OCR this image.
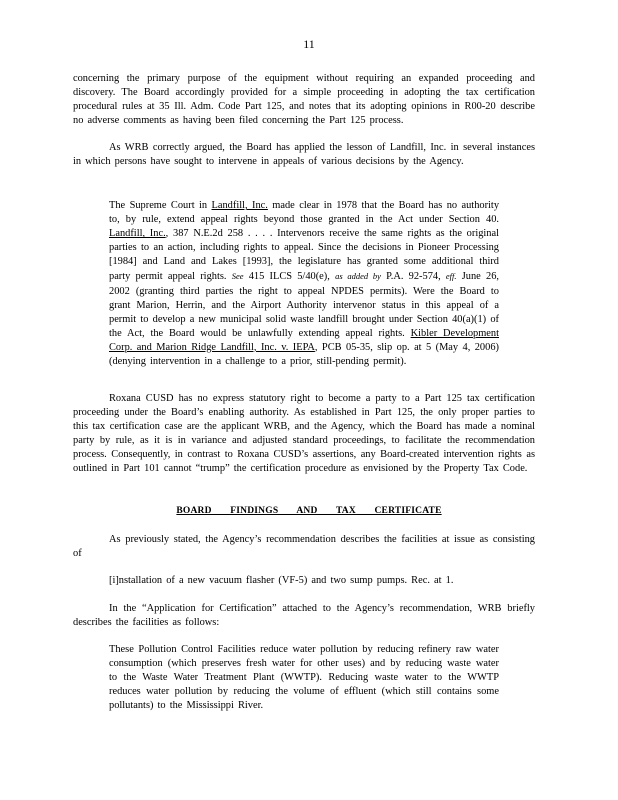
11

concerning the primary purpose of the equipment without requiring an expanded proceeding and discovery. The Board accordingly provided for a simple proceeding in adopting the tax certification procedural rules at 35 Ill. Adm. Code Part 125, and notes that its adopting opinions in R00-20 describe no adverse comments as having been filed concerning the Part 125 process.

As WRB correctly argued, the Board has applied the lesson of Landfill, Inc. in several instances in which persons have sought to intervene in appeals of various decisions by the Agency.

The Supreme Court in Landfill, Inc. made clear in 1978 that the Board has no authority to, by rule, extend appeal rights beyond those granted in the Act under Section 40. Landfill, Inc., 387 N.E.2d 258 . . . . Intervenors receive the same rights as the original parties to an action, including rights to appeal. Since the decisions in Pioneer Processing [1984] and Land and Lakes [1993], the legislature has granted some additional third party permit appeal rights. See 415 ILCS 5/40(e), as added by P.A. 92-574, eff. June 26, 2002 (granting third parties the right to appeal NPDES permits). Were the Board to grant Marion, Herrin, and the Airport Authority intervenor status in this appeal of a permit to develop a new municipal solid waste landfill brought under Section 40(a)(1) of the Act, the Board would be unlawfully extending appeal rights. Kibler Development Corp. and Marion Ridge Landfill, Inc. v. IEPA, PCB 05-35, slip op. at 5 (May 4, 2006) (denying intervention in a challenge to a prior, still-pending permit).

Roxana CUSD has no express statutory right to become a party to a Part 125 tax certification proceeding under the Board’s enabling authority. As established in Part 125, the only proper parties to this tax certification case are the applicant WRB, and the Agency, which the Board has made a nominal party by rule, as it is in variance and adjusted standard proceedings, to facilitate the recommendation process. Consequently, in contrast to Roxana CUSD’s assertions, any Board-created intervention rights as outlined in Part 101 cannot “trump” the certification procedure as envisioned by the Property Tax Code.

BOARD FINDINGS AND TAX CERTIFICATE

As previously stated, the Agency’s recommendation describes the facilities at issue as consisting of

[i]nstallation of a new vacuum flasher (VF-5) and two sump pumps. Rec. at 1.

In the “Application for Certification” attached to the Agency’s recommendation, WRB briefly describes the facilities as follows:

These Pollution Control Facilities reduce water pollution by reducing refinery raw water consumption (which preserves fresh water for other uses) and by reducing waste water to the Waste Water Treatment Plant (WWTP). Reducing waste water to the WWTP reduces water pollution by reducing the volume of effluent (which still contains some pollutants) to the Mississippi River.
